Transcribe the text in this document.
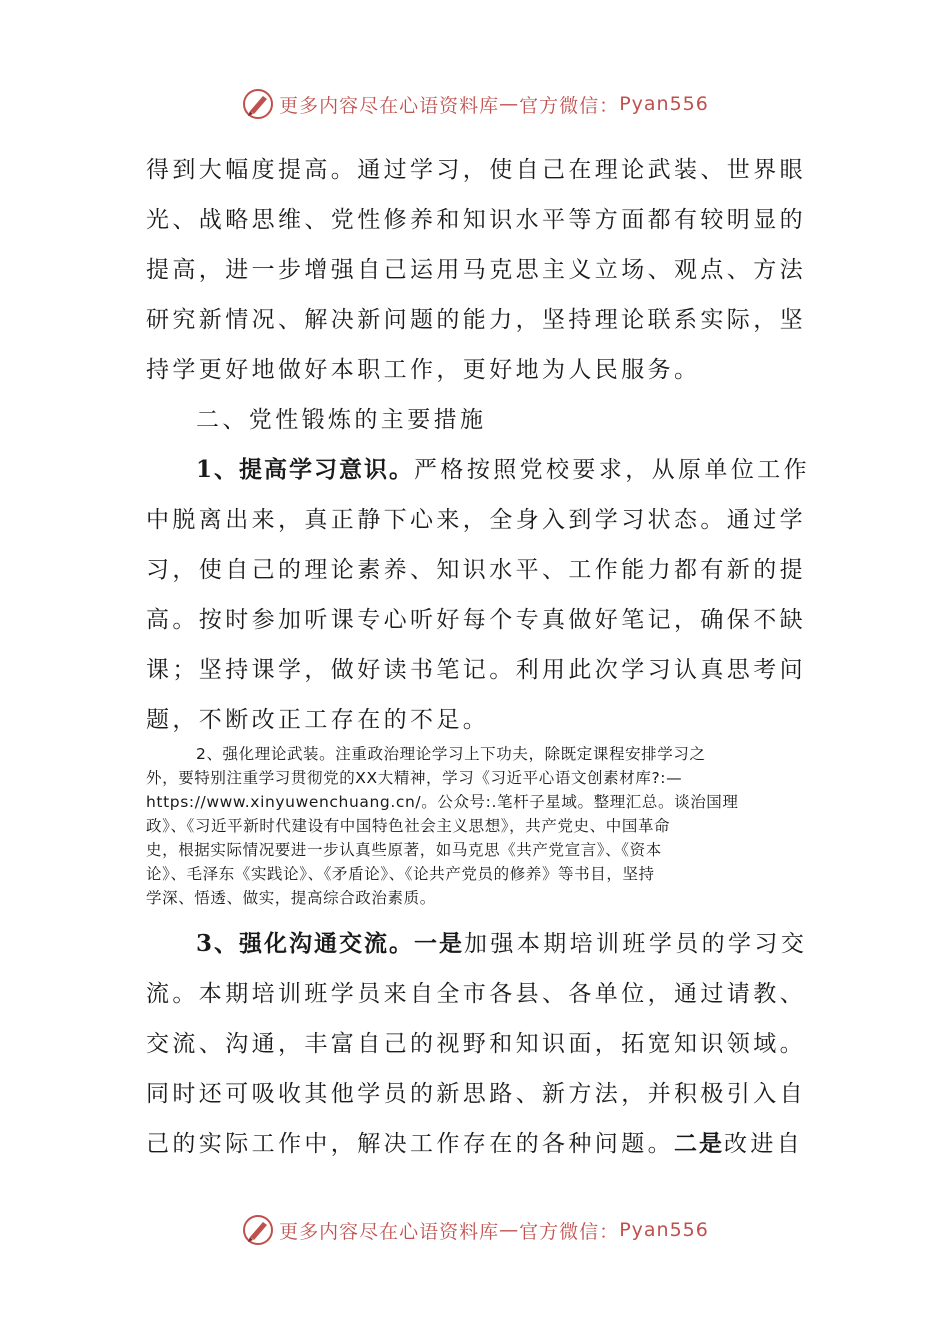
更多内容尽在心语资料库 — 官方微信： Pyan556
得到大幅度提高。通过学习，使自己在理论武装、世界眼
光、战略思维、党性修养和知识水平等方面都有较明显的
提高，进一步增强自己运用马克思主义立场、观点、方法
研究新情况、解决新问题的能力，坚持理论联系实际，坚
持学更好地做好本职工作，更好地为人民服务。
二、党性锻炼的主要措施
1、提高学习意识。严格按照党校要求，从原单位工作
中脱离出来，真正静下心来，全身入到学习状态。通过学
习，使自己的理论素养、知识水平、工作能力都有新的提
高。按时参加听课专心听好每个专真做好笔记，确保不缺
课；坚持课学，做好读书笔记。利用此次学习认真思考问
题，不断改正工存在的不足。
2、强化理论武装。注重政治理论学习上下功夫，除既定课程安排学习之
外，要特别注重学习贯彻党的XX大精神，学习《习近平心语文创素材库?:—
https://www.xinyuwenchuang.cn/。公众号:.笔杆子星域。整理汇总。谈治国理
政》、《习近平新时代建设有中国特色社会主义思想》，共产党史、中国革命
史，根据实际情况要进一步认真些原著，如马克思《共产党宣言》、《资本
论》、毛泽东《实践论》、《矛盾论》、《论共产党员的修养》等书目，坚持
学深、悟透、做实，提高综合政治素质。
3、强化沟通交流。一是加强本期培训班学员的学习交
流。本期培训班学员来自全市各县、各单位，通过请教、
交流、沟通，丰富自己的视野和知识面，拓宽知识领域。
同时还可吸收其他学员的新思路、新方法，并积极引入自
己的实际工作中，解决工作存在的各种问题。二是改进自
更多内容尽在心语资料库 — 官方微信： Pyan556
